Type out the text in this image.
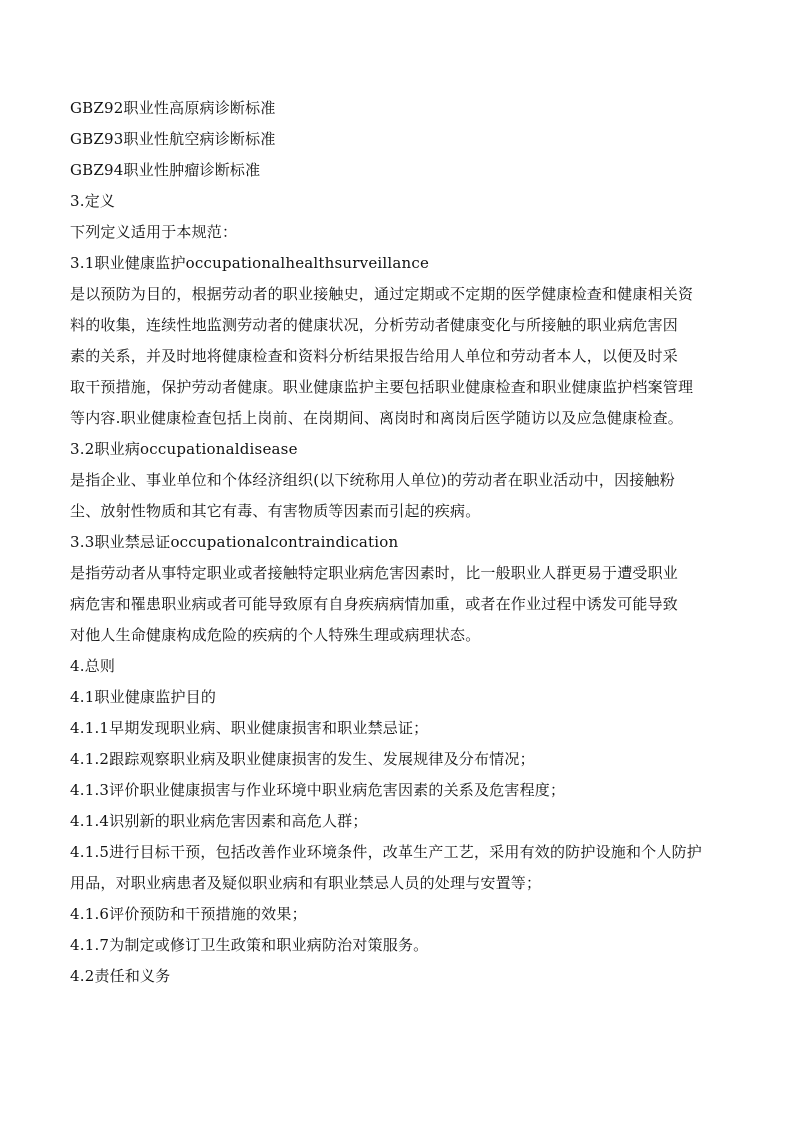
GBZ92职业性高原病诊断标准
GBZ93职业性航空病诊断标准
GBZ94职业性肿瘤诊断标准
3.定义
下列定义适用于本规范：
3.1职业健康监护occupationalhealthsurveillance
是以预防为目的，根据劳动者的职业接触史，通过定期或不定期的医学健康检查和健康相关资
料的收集，连续性地监测劳动者的健康状况，分析劳动者健康变化与所接触的职业病危害因
素的关系，并及时地将健康检查和资料分析结果报告给用人单位和劳动者本人，以便及时采
取干预措施，保护劳动者健康。职业健康监护主要包括职业健康检查和职业健康监护档案管理
等内容.职业健康检查包括上岗前、在岗期间、离岗时和离岗后医学随访以及应急健康检查。
3.2职业病occupationaldisease
是指企业、事业单位和个体经济组织(以下统称用人单位)的劳动者在职业活动中，因接触粉
尘、放射性物质和其它有毒、有害物质等因素而引起的疾病。
3.3职业禁忌证occupationalcontraindication
是指劳动者从事特定职业或者接触特定职业病危害因素时，比一般职业人群更易于遭受职业
病危害和罹患职业病或者可能导致原有自身疾病病情加重，或者在作业过程中诱发可能导致
对他人生命健康构成危险的疾病的个人特殊生理或病理状态。
4.总则
4.1职业健康监护目的
4.1.1早期发现职业病、职业健康损害和职业禁忌证；
4.1.2跟踪观察职业病及职业健康损害的发生、发展规律及分布情况；
4.1.3评价职业健康损害与作业环境中职业病危害因素的关系及危害程度；
4.1.4识别新的职业病危害因素和高危人群；
4.1.5进行目标干预，包括改善作业环境条件，改革生产工艺，采用有效的防护设施和个人防护
用品，对职业病患者及疑似职业病和有职业禁忌人员的处理与安置等；
4.1.6评价预防和干预措施的效果；
4.1.7为制定或修订卫生政策和职业病防治对策服务。
4.2责任和义务
